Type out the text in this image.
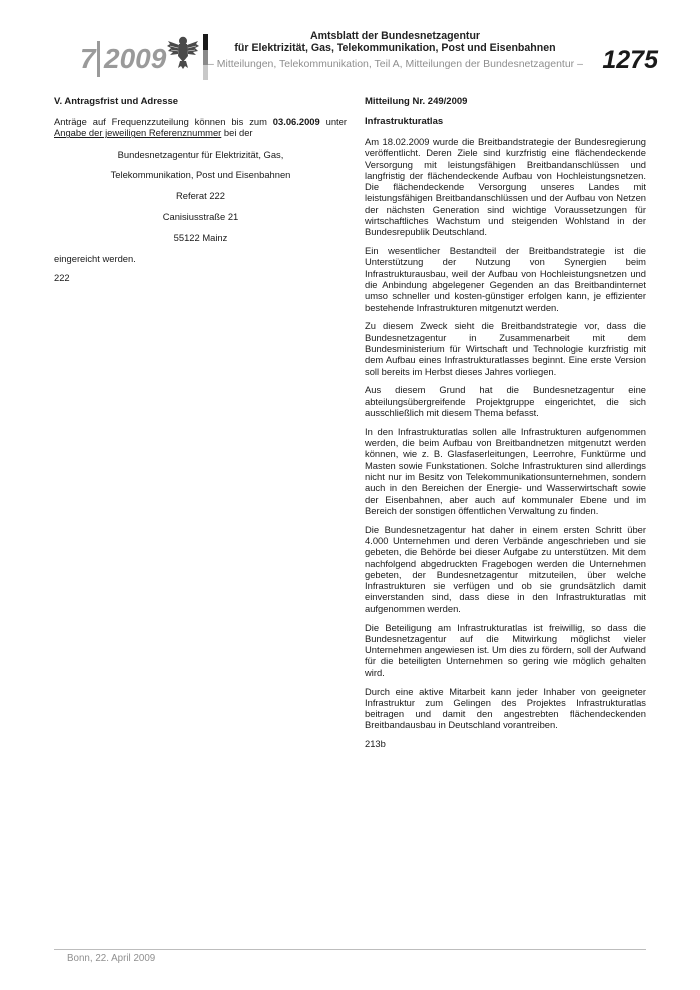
7 2009
Amtsblatt der Bundesnetzagentur
für Elektrizität, Gas, Telekommunikation, Post und Eisenbahnen
– Mitteilungen, Telekommunikation, Teil A, Mitteilungen der Bundesnetzagentur – 1275
V. Antragsfrist und Adresse

Anträge auf Frequenzzuteilung können bis zum 03.06.2009 unter Angabe der jeweiligen Referenznummer bei der

Bundesnetzagentur für Elektrizität, Gas,
Telekommunikation, Post und Eisenbahnen
Referat 222
Canisiusstraße 21
55122 Mainz
eingereicht werden.
222
Mitteilung Nr. 249/2009
Infrastrukturatlas

Am 18.02.2009 wurde die Breitbandstrategie der Bundesregierung veröffentlicht. Deren Ziele sind kurzfristig eine flächendeckende Versorgung mit leistungsfähigen Breitbandanschlüssen und langfristig der flächendeckende Aufbau von Hochleistungsnetzen. Die flächendeckende Versorgung unseres Landes mit leistungsfähigen Breitbandanschlüssen und der Aufbau von Netzen der nächsten Generation sind wichtige Voraussetzungen für wirtschaftliches Wachstum und steigenden Wohlstand in der Bundesrepublik Deutschland.

Ein wesentlicher Bestandteil der Breitbandstrategie ist die Unterstützung der Nutzung von Synergien beim Infrastrukturausbau, weil der Aufbau von Hochleistungsnetzen und die Anbindung abgelegener Gegenden an das Breitbandinternet umso schneller und kosten-günstiger erfolgen kann, je effizienter bestehende Infrastrukturen mitgenutzt werden.

Zu diesem Zweck sieht die Breitbandstrategie vor, dass die Bundesnetzagentur in Zusammenarbeit mit dem Bundesministerium für Wirtschaft und Technologie kurzfristig mit dem Aufbau eines Infrastrukturatlasses beginnt. Eine erste Version soll bereits im Herbst dieses Jahres vorliegen.

Aus diesem Grund hat die Bundesnetzagentur eine abteilungsübergreifende Projektgruppe eingerichtet, die sich ausschließlich mit diesem Thema befasst.

In den Infrastrukturatlas sollen alle Infrastrukturen aufgenommen werden, die beim Aufbau von Breitbandnetzen mitgenutzt werden können, wie z. B. Glasfaserleitungen, Leerrohre, Funktürme und Masten sowie Funkstationen. Solche Infrastrukturen sind allerdings nicht nur im Besitz von Telekommunikationsunternehmen, sondern auch in den Bereichen der Energie- und Wasserwirtschaft sowie der Eisenbahnen, aber auch auf kommunaler Ebene und im Bereich der sonstigen öffentlichen Verwaltung zu finden.

Die Bundesnetzagentur hat daher in einem ersten Schritt über 4.000 Unternehmen und deren Verbände angeschrieben und sie gebeten, die Behörde bei dieser Aufgabe zu unterstützen. Mit dem nachfolgend abgedruckten Fragebogen werden die Unternehmen gebeten, der Bundesnetzagentur mitzuteilen, über welche Infrastrukturen sie verfügen und ob sie grundsätzlich damit einverstanden sind, dass diese in den Infrastrukturatlas mit aufgenommen werden.

Die Beteiligung am Infrastrukturatlas ist freiwillig, so dass die Bundesnetzagentur auf die Mitwirkung möglichst vieler Unternehmen angewiesen ist. Um dies zu fördern, soll der Aufwand für die beteiligten Unternehmen so gering wie möglich gehalten wird.

Durch eine aktive Mitarbeit kann jeder Inhaber von geeigneter Infrastruktur zum Gelingen des Projektes Infrastrukturatlas beitragen und damit den angestrebten flächendeckenden Breitbandausbau in Deutschland vorantreiben.

213b
Bonn, 22. April 2009
